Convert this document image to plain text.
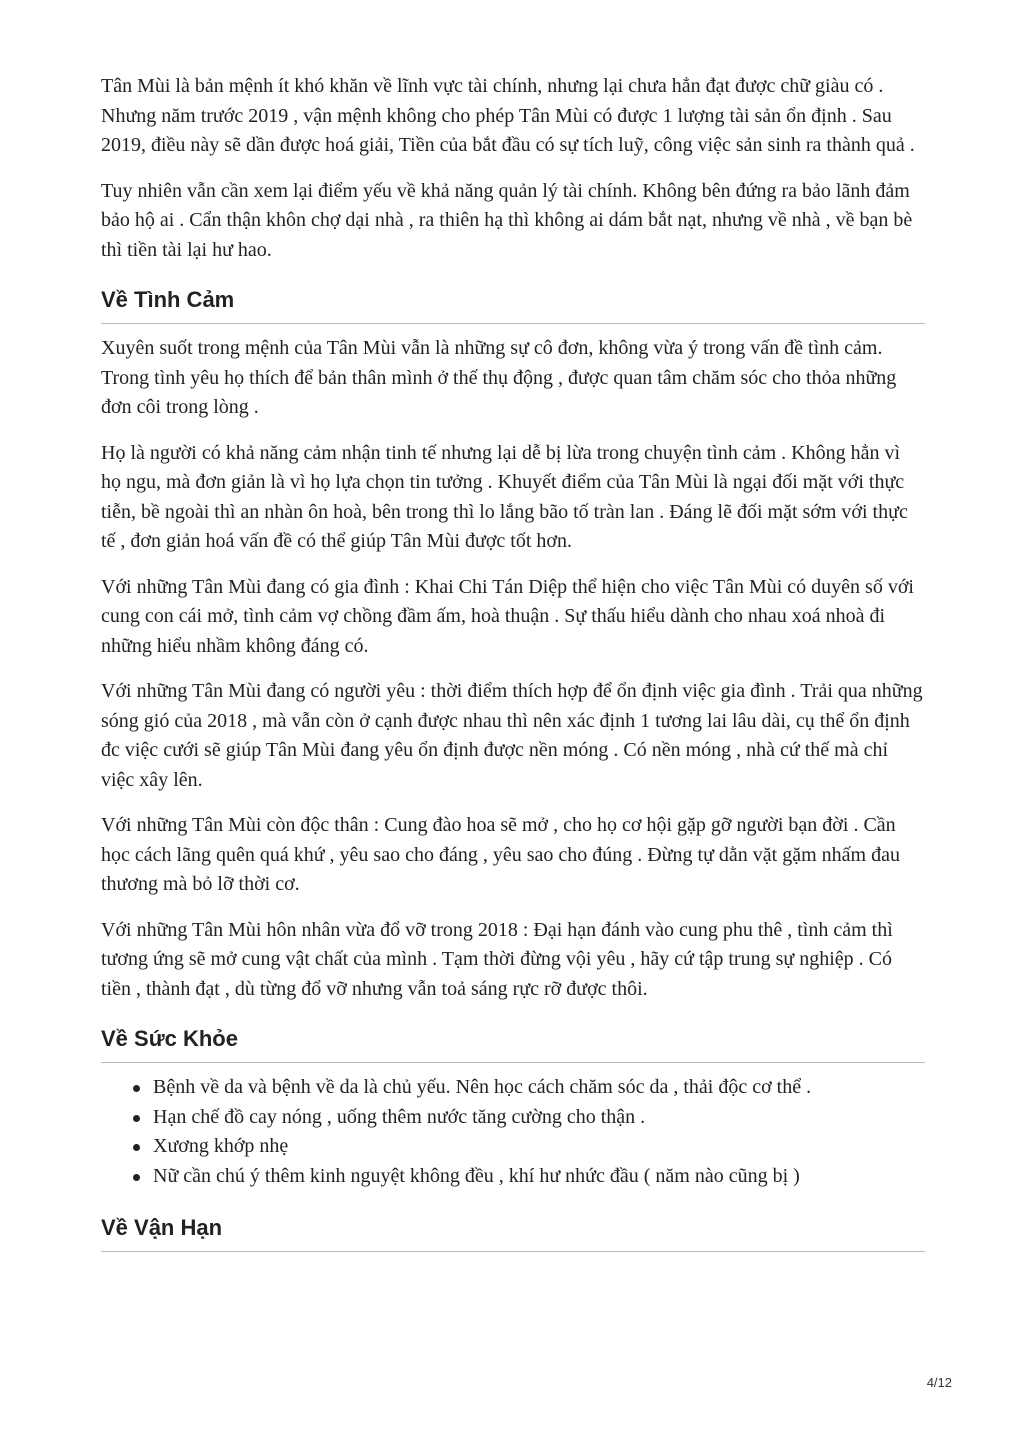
Tân Mùi là bản mệnh ít khó khăn về lĩnh vực tài chính, nhưng lại chưa hẳn đạt được chữ giàu có . Nhưng năm trước 2019 , vận mệnh không cho phép Tân Mùi có được 1 lượng tài sản ổn định . Sau 2019, điều này sẽ dần được hoá giải, Tiền của bắt đầu có sự tích luỹ, công việc sản sinh ra thành quả .

Tuy nhiên vẫn cần xem lại điểm yếu về khả năng quản lý tài chính. Không bên đứng ra bảo lãnh đảm bảo hộ ai . Cẩn thận khôn chợ dại nhà , ra thiên hạ thì không ai dám bắt nạt, nhưng về nhà , về bạn bè thì tiền tài lại hư hao.

Về Tình Cảm

Xuyên suốt trong mệnh của Tân Mùi vẫn là những sự cô đơn, không vừa ý trong vấn đề tình cảm. Trong tình yêu họ thích để bản thân mình ở thế thụ động , được quan tâm chăm sóc cho thỏa những đơn côi trong lòng .

Họ là người có khả năng cảm nhận tinh tế nhưng lại dễ bị lừa trong chuyện tình cảm . Không hẳn vì họ ngu, mà đơn giản là vì họ lựa chọn tin tưởng . Khuyết điểm của Tân Mùi là ngại đối mặt với thực tiễn, bề ngoài thì an nhàn ôn hoà, bên trong thì lo lắng bão tố tràn lan . Đáng lẽ đối mặt sớm với thực tế , đơn giản hoá vấn đề có thể giúp Tân Mùi được tốt hơn.

Với những Tân Mùi đang có gia đình : Khai Chi Tán Diệp thể hiện cho việc Tân Mùi có duyên số với cung con cái mở, tình cảm vợ chồng đầm ấm, hoà thuận . Sự thấu hiểu dành cho nhau xoá nhoà đi những hiểu nhầm không đáng có.

Với những Tân Mùi đang có người yêu : thời điểm thích hợp để ổn định việc gia đình . Trải qua những sóng gió của 2018 , mà vẫn còn ở cạnh được nhau thì nên xác định 1 tương lai lâu dài, cụ thể ổn định đc việc cưới sẽ giúp Tân Mùi đang yêu ổn định được nền móng . Có nền móng , nhà cứ thế mà chỉ việc xây lên.

Với những Tân Mùi còn độc thân : Cung đào hoa sẽ mở , cho họ cơ hội gặp gỡ người bạn đời . Cần học cách lãng quên quá khứ , yêu sao cho đáng , yêu sao cho đúng . Đừng tự dằn vặt gặm nhấm đau thương mà bỏ lỡ thời cơ.

Với những Tân Mùi hôn nhân vừa đổ vỡ trong 2018 : Đại hạn đánh vào cung phu thê , tình cảm thì tương ứng sẽ mở cung vật chất của mình . Tạm thời đừng vội yêu , hãy cứ tập trung sự nghiệp . Có tiền , thành đạt , dù từng đổ vỡ nhưng vẫn toả sáng rực rỡ được thôi.

Về Sức Khỏe
Bệnh về da và bệnh về da là chủ yếu. Nên học cách chăm sóc da , thải độc cơ thể .
Hạn chế đồ cay nóng , uống thêm nước tăng cường cho thận .
Xương khớp nhẹ
Nữ cần chú ý thêm kinh nguyệt không đều , khí hư nhức đầu ( năm nào cũng bị )
Về Vận Hạn
4/12
